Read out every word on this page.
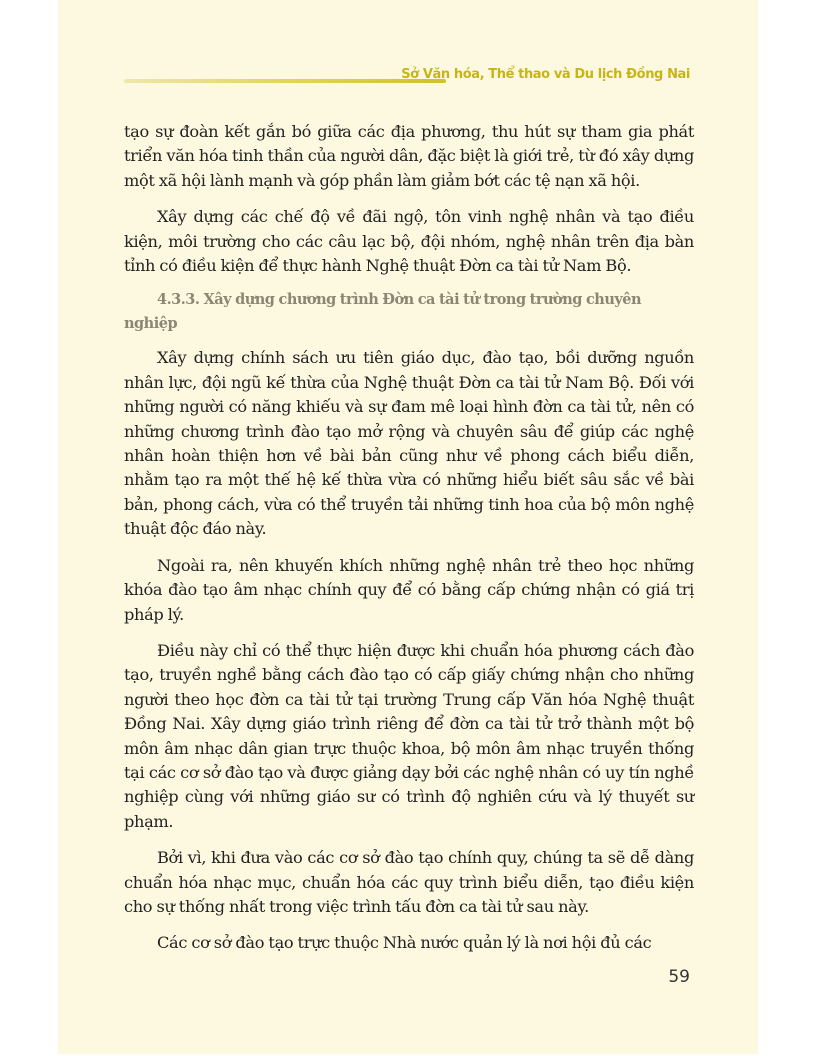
Sở Văn hóa, Thể thao và Du lịch Đồng Nai

tạo sự đoàn kết gắn bó giữa các địa phương, thu hút sự tham gia phát triển văn hóa tinh thần của người dân, đặc biệt là giới trẻ, từ đó xây dựng một xã hội lành mạnh và góp phần làm giảm bớt các tệ nạn xã hội.

Xây dựng các chế độ về đãi ngộ, tôn vinh nghệ nhân và tạo điều kiện, môi trường cho các câu lạc bộ, đội nhóm, nghệ nhân trên địa bàn tỉnh có điều kiện để thực hành Nghệ thuật Đờn ca tài tử Nam Bộ.

4.3.3. Xây dựng chương trình Đờn ca tài tử trong trường chuyên nghiệp

Xây dựng chính sách ưu tiên giáo dục, đào tạo, bồi dưỡng nguồn nhân lực, đội ngũ kế thừa của Nghệ thuật Đờn ca tài tử Nam Bộ. Đối với những người có năng khiếu và sự đam mê loại hình đờn ca tài tử, nên có những chương trình đào tạo mở rộng và chuyên sâu để giúp các nghệ nhân hoàn thiện hơn về bài bản cũng như về phong cách biểu diễn, nhằm tạo ra một thế hệ kế thừa vừa có những hiểu biết sâu sắc về bài bản, phong cách, vừa có thể truyền tải những tinh hoa của bộ môn nghệ thuật độc đáo này.

Ngoài ra, nên khuyến khích những nghệ nhân trẻ theo học những khóa đào tạo âm nhạc chính quy để có bằng cấp chứng nhận có giá trị pháp lý.

Điều này chỉ có thể thực hiện được khi chuẩn hóa phương cách đào tạo, truyền nghề bằng cách đào tạo có cấp giấy chứng nhận cho những người theo học đờn ca tài tử tại trường Trung cấp Văn hóa Nghệ thuật Đồng Nai. Xây dựng giáo trình riêng để đờn ca tài tử trở thành một bộ môn âm nhạc dân gian trực thuộc khoa, bộ môn âm nhạc truyền thống tại các cơ sở đào tạo và được giảng dạy bởi các nghệ nhân có uy tín nghề nghiệp cùng với những giáo sư có trình độ nghiên cứu và lý thuyết sư phạm.

Bởi vì, khi đưa vào các cơ sở đào tạo chính quy, chúng ta sẽ dễ dàng chuẩn hóa nhạc mục, chuẩn hóa các quy trình biểu diễn, tạo điều kiện cho sự thống nhất trong việc trình tấu đờn ca tài tử sau này.

Các cơ sở đào tạo trực thuộc Nhà nước quản lý là nơi hội đủ các

59
